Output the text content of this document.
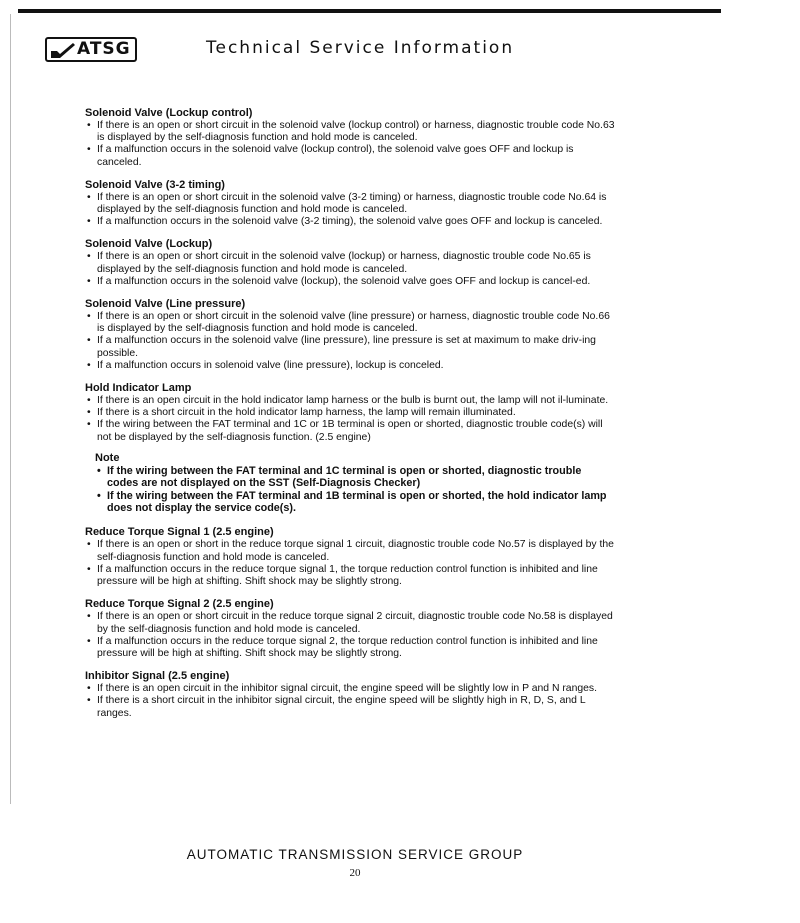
ATSG	Technical Service Information
Solenoid Valve (Lockup control)
• If there is an open or short circuit in the solenoid valve (lockup control) or harness, diagnostic trouble code No.63 is displayed by the self-diagnosis function and hold mode is canceled.
• If a malfunction occurs in the solenoid valve (lockup control), the solenoid valve goes OFF and lockup is canceled.
Solenoid Valve (3-2 timing)
• If there is an open or short circuit in the solenoid valve (3-2 timing) or harness, diagnostic trouble code No.64 is displayed by the self-diagnosis function and hold mode is canceled.
• If a malfunction occurs in the solenoid valve (3-2 timing), the solenoid valve goes OFF and lockup is canceled.
Solenoid Valve (Lockup)
• If there is an open or short circuit in the solenoid valve (lockup) or harness, diagnostic trouble code No.65 is displayed by the self-diagnosis function and hold mode is canceled.
• If a malfunction occurs in the solenoid valve (lockup), the solenoid valve goes OFF and lockup is cancel-ed.
Solenoid Valve (Line pressure)
• If there is an open or short circuit in the solenoid valve (line pressure) or harness, diagnostic trouble code No.66 is displayed by the self-diagnosis function and hold mode is canceled.
• If a malfunction occurs in the solenoid valve (line pressure), line pressure is set at maximum to make driv-ing possible.
• If a malfunction occurs in solenoid valve (line pressure), lockup is conceled.
Hold Indicator Lamp
• If there is an open circuit in the hold indicator lamp harness or the bulb is burnt out, the lamp will not il-luminate.
• If there is a short circuit in the hold indicator lamp harness, the lamp will remain illuminated.
• If the wiring between the FAT terminal and 1C or 1B terminal is open or shorted, diagnostic trouble code(s) will not be displayed by the self-diagnosis function. (2.5 engine)
Note
• If the wiring between the FAT terminal and 1C terminal is open or shorted, diagnostic trouble codes are not displayed on the SST (Self-Diagnosis Checker)
• If the wiring between the FAT terminal and 1B terminal is open or shorted, the hold indicator lamp does not display the service code(s).
Reduce Torque Signal 1 (2.5 engine)
• If there is an open or short in the reduce torque signal 1 circuit, diagnostic trouble code No.57 is displayed by the self-diagnosis function and hold mode is canceled.
• If a malfunction occurs in the reduce torque signal 1, the torque reduction control function is inhibited and line pressure will be high at shifting. Shift shock may be slightly strong.
Reduce Torque Signal 2 (2.5 engine)
• If there is an open or short circuit in the reduce torque signal 2 circuit, diagnostic trouble code No.58 is displayed by the self-diagnosis function and hold mode is canceled.
• If a malfunction occurs in the reduce torque signal 2, the torque reduction control function is inhibited and line pressure will be high at shifting. Shift shock may be slightly strong.
Inhibitor Signal (2.5 engine)
• If there is an open circuit in the inhibitor signal circuit, the engine speed will be slightly low in P and N ranges.
• If there is a short circuit in the inhibitor signal circuit, the engine speed will be slightly high in R, D, S, and L ranges.
AUTOMATIC TRANSMISSION SERVICE GROUP
20
